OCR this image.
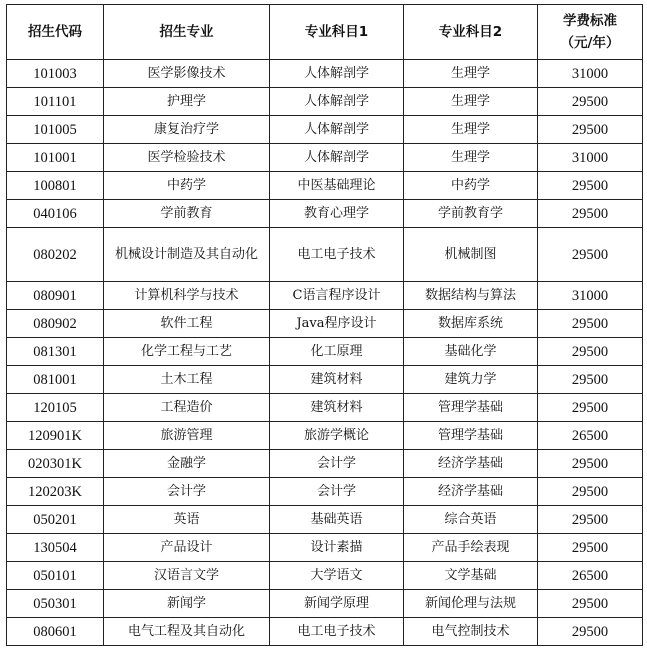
招生代码	招生专业	专业科目1	专业科目2	学费标准
（元/年）

101003	医学影像技术	人体解剖学	生理学	31000
101101	护理学	人体解剖学	生理学	29500
101005	康复治疗学	人体解剖学	生理学	29500
101001	医学检验技术	人体解剖学	生理学	31000
100801	中药学	中医基础理论	中药学	29500
040106	学前教育	教育心理学	学前教育学	29500
080202	机械设计制造及其自动化	电工电子技术	机械制图	29500
080901	计算机科学与技术	C语言程序设计	数据结构与算法	31000
080902	软件工程	Java程序设计	数据库系统	29500
081301	化学工程与工艺	化工原理	基础化学	29500
081001	土木工程	建筑材料	建筑力学	29500
120105	工程造价	建筑材料	管理学基础	29500
120901K	旅游管理	旅游学概论	管理学基础	26500
020301K	金融学	会计学	经济学基础	29500
120203K	会计学	会计学	经济学基础	29500
050201	英语	基础英语	综合英语	29500
130504	产品设计	设计素描	产品手绘表现	29500
050101	汉语言文学	大学语文	文学基础	26500
050301	新闻学	新闻学原理	新闻伦理与法规	29500
080601	电气工程及其自动化	电工电子技术	电气控制技术	29500
